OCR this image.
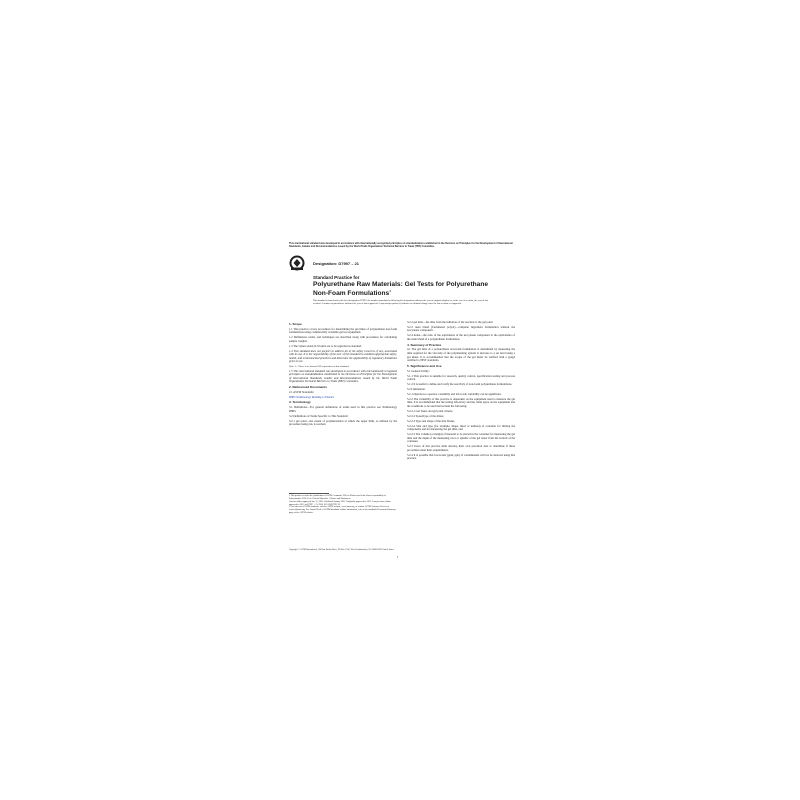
This international standard was developed in accordance with internationally recognized principles on standardization established in the Decision on Principles for the Development of International Standards, Guides and Recommendations issued by the World Trade Organization Technical Barriers to Trade (TBT) Committee.
Designation: D7997 – 21
Standard Practice for
Polyurethane Raw Materials: Gel Tests for Polyurethane Non-Foam Formulations$^1$
This standard is issued under the fixed designation D7997; the number immediately following the designation indicates the year of original adoption or, in the case of revision, the year of last revision. A number in parentheses indicates the year of last reapproval. A superscript epsilon (ε) indicates an editorial change since the last revision or reapproval.
1. Scope

1.1 This practice covers procedures for determining the gel times of polyurethane non-foam formulations using commercially available gel test equipment.

1.2 Definitions, terms, and techniques are described along with procedures for calculating sample weights.

1.3 The values stated in SI units are to be regarded as standard.

1.4 This standard does not purport to address all of the safety concerns, if any, associated with its use. It is the responsibility of the user of this standard to establish appropriate safety, health, and environmental practices and determine the applicability of regulatory limitations prior to use.

Note 1—There is no known ISO equivalent to this standard.

1.5 This international standard was developed in accordance with internationally recognized principles on standardization established in the Decision on Principles for the Development of International Standards, Guides and Recommendations issued by the World Trade Organization Technical Barriers to Trade (TBT) Committee.

2. Referenced Documents

2.1 ASTM Standards:

D883 Terminology Relating to Plastics

3. Terminology

3.1 Definitions—For general definitions of terms used in this practice see Terminology D883.

3.2 Definitions of Terms Specific to This Standard:

3.2.1 gel point—the extent of polymerization at which the upper limit, as defined by the procedure being run, is reached.

3.2.2 gel time—the time from the initiation of the reaction to the gel point.

3.2.3 resin blend (formulated polyol)—complete ingredient formulation without the isocyanate component.

3.2.4 index—the ratio of the equivalents of the isocyanate component to the equivalents of the resin blend of a polyurethane formulation.

4. Summary of Practice

4.1 The gel time of a polyurethane non-foam formulation is determined by measuring the time required for the viscosity of the polymerizing system to increase to a set level using a gel meter. It is recommended that the torque of the gel meter be verified with a gauge certified to NIST standards.

5. Significance and Use

5.1 General Utility:

5.1.1 This practice is suitable for research, quality control, specification testing and process control.

5.1.2 It is useful to define and verify the reactivity of non-foam polyurethane formulations.

5.2 Limitations:

5.2.1 Operator-to-operator variability and lab-to-lab variability can be significant.

5.2.2 The variability of this practice is dependent on the equipment used to measure the gel time. It is recommended that the testing laboratory and the client agree on the equipment and the conditions to be used that include the following:

5.2.2.1 Gel Tester and gel point criteria,

5.2.2.2 Speed/type of the mixer,

5.2.2.3 Type and shape of the mix blades,

5.2.2.4 Size and type (for example, shape, lined or unlined) of container for mixing the components and for measuring the gel time, and

5.2.2.5 The volume (or height) of material to be placed in the container for measuring the gel time and the depth of the measuring rotor or spindle of the gel tester from the bottom of the container.

5.2.3 Users of this practice shall develop their own precision data to determine if these procedures meet their requirements.

5.2.4 It is possible that low-levels (ppm, ppb) of contaminants will not be detected using this practice.

1 This practice is under the jurisdiction of ASTM Committee D20 on Plastics and is the direct responsibility of Subcommittee D20.22 on Cellular Materials - Plastics and Elastomers.
Current edition approved Jan. 15, 2021. Published January 2021. Originally approved in 2015. Last previous edition approved in 2015 as D7997 – 15. DOI: 10.1520/D7997-21.
2 For referenced ASTM standards, visit the ASTM website, www.astm.org, or contact ASTM Customer Service at service@astm.org. For Annual Book of ASTM Standards volume information, refer to the standard's Document Summary page on the ASTM website.
Copyright © ASTM International, 100 Barr Harbor Drive, PO Box C700, West Conshohocken, PA 19428-2959. United States
1
